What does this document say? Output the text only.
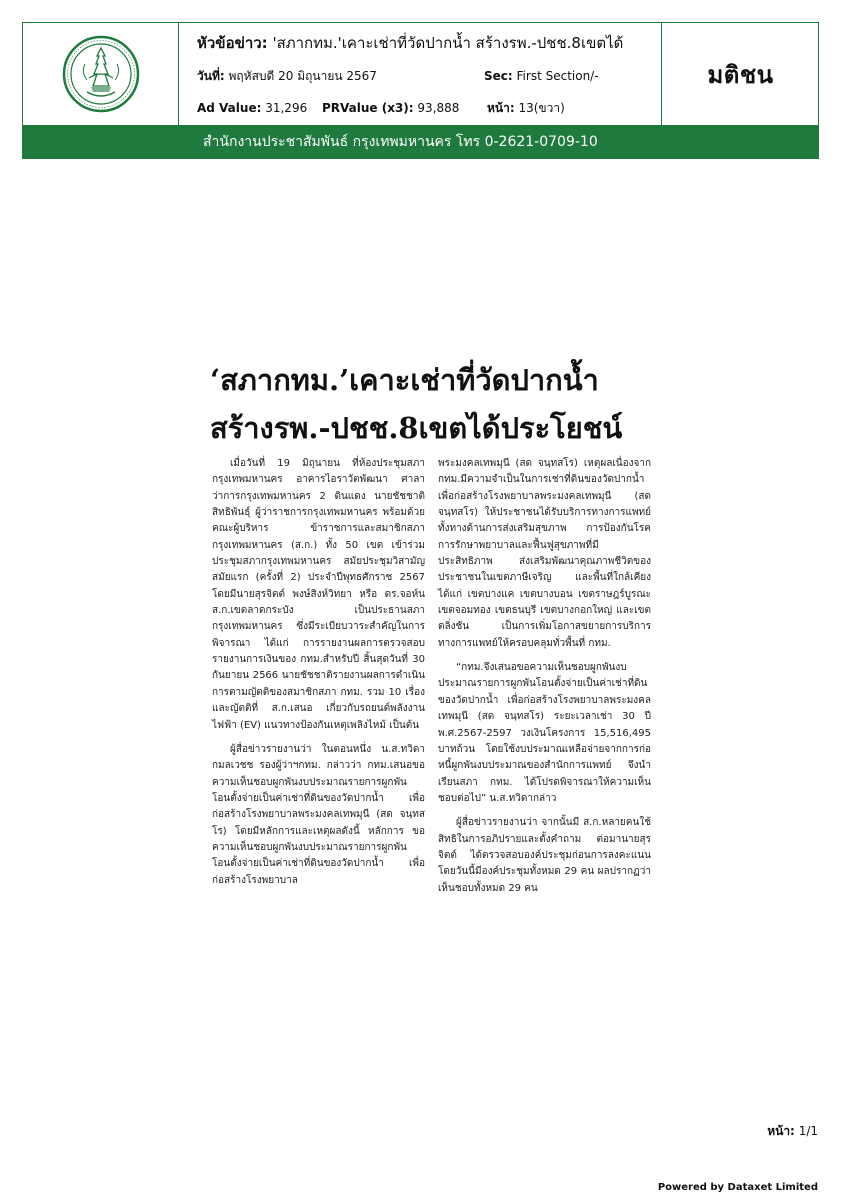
หัวข้อข่าว: 'สภากทม.'เคาะเช่าที่วัดปากน้ำ สร้างรพ.-ปชช.8เขตได้
วันที่: พฤหัสบดี 20 มิถุนายน 2567	Sec: First Section/-
Ad Value: 31,296 PRValue (x3): 93,888 หน้า: 13(ขวา)
มติชน
สำนักงานประชาสัมพันธ์ กรุงเทพมหานคร โทร 0-2621-0709-10
‘สภากทม.’เคาะเช่าที่วัดปากน้ำ
สร้างรพ.-ปชช.8เขตได้ประโยชน์

เมื่อวันที่ 19 มิถุนายน ที่ห้องประชุมสภากรุงเทพมหานคร อาคารไอราวัตพัฒนา ศาลาว่าการกรุงเทพมหานคร 2 ดินแดง นายชัชชาติ สิทธิพันธุ์ ผู้ว่าราชการกรุงเทพมหานคร พร้อมด้วยคณะผู้บริหาร ข้าราชการและสมาชิกสภากรุงเทพมหานคร (ส.ก.) ทั้ง 50 เขต เข้าร่วมประชุมสภากรุงเทพมหานคร สมัยประชุมวิสามัญ สมัยแรก (ครั้งที่ 2) ประจำปีพุทธศักราช 2567 โดยมีนายสุรจิตต์ พงษ์สิงห์วิทยา หรือ ดร.จอห์น ส.ก.เขตลาดกระบัง เป็นประธานสภากรุงเทพมหานคร ซึ่งมีระเบียบวาระสำคัญในการพิจารณา ได้แก่ การรายงานผลการตรวจสอบรายงานการเงินของ กทม.สำหรับปี สิ้นสุดวันที่ 30 กันยายน 2566 นายชัชชาติรายงานผลการดำเนินการตามญัตติของสมาชิกสภา กทม. รวม 10 เรื่อง และญัตติที่ ส.ก.เสนอ เกี่ยวกับรถยนต์พลังงานไฟฟ้า (EV) แนวทางป้องกันเหตุเพลิงไหม้ เป็นต้น

ผู้สื่อข่าวรายงานว่า ในตอนหนึ่ง น.ส.ทวิดา กมลเวชช รองผู้ว่าฯกทม. กล่าวว่า กทม.เสนอขอความเห็นชอบผูกพันงบประมาณรายการผูกพันโอนตั้งจ่ายเป็นค่าเช่าที่ดินของวัดปากน้ำ เพื่อก่อสร้างโรงพยาบาลพระมงคลเทพมุนี (สด จนฺทสโร) โดยมีหลักการและเหตุผลดังนี้ หลักการ ขอความเห็นชอบผูกพันงบประมาณรายการผูกพันโอนตั้งจ่ายเป็นค่าเช่าที่ดินของวัดปากน้ำ เพื่อก่อสร้างโรงพยาบาล

พระมงคลเทพมุนี (สด จนฺทสโร) เหตุผลเนื่องจาก กทม.มีความจำเป็นในการเช่าที่ดินของวัดปากน้ำ เพื่อก่อสร้างโรงพยาบาลพระมงคลเทพมุนี (สด จนฺทสโร) ให้ประชาชนได้รับบริการทางการแพทย์ทั้งทางด้านการส่งเสริมสุขภาพ การป้องกันโรค การรักษาพยาบาลและฟื้นฟูสุขภาพที่มีประสิทธิภาพ ส่งเสริมพัฒนาคุณภาพชีวิตของประชาชนในเขตภาษีเจริญ และพื้นที่ใกล้เคียง ได้แก่ เขตบางแค เขตบางบอน เขตราษฎร์บูรณะ เขตจอมทอง เขตธนบุรี เขตบางกอกใหญ่ และเขตตลิ่งชัน เป็นการเพิ่มโอกาสขยายการบริการทางการแพทย์ให้ครอบคลุมทั่วพื้นที่ กทม.

“กทม.จึงเสนอขอความเห็นชอบผูกพันงบประมาณรายการผูกพันโอนตั้งจ่ายเป็นค่าเช่าที่ดินของวัดปากน้ำ เพื่อก่อสร้างโรงพยาบาลพระมงคลเทพมุนี (สด จนฺทสโร) ระยะเวลาเช่า 30 ปี พ.ศ.2567-2597 วงเงินโครงการ 15,516,495 บาทถ้วน โดยใช้งบประมาณเหลือจ่ายจากการก่อหนี้ผูกพันงบประมาณของสำนักการแพทย์ จึงนำเรียนสภา กทม. ได้โปรดพิจารณาให้ความเห็นชอบต่อไป” น.ส.ทวิดากล่าว

ผู้สื่อข่าวรายงานว่า จากนั้นมี ส.ก.หลายคนใช้สิทธิในการอภิปรายและตั้งคำถาม ต่อมานายสุรจิตต์ ได้ตรวจสอบองค์ประชุมก่อนการลงคะแนน โดยวันนี้มีองค์ประชุมทั้งหมด 29 คน ผลปรากฏว่าเห็นชอบทั้งหมด 29 คน

หน้า: 1/1
Powered by Dataxet Limited
